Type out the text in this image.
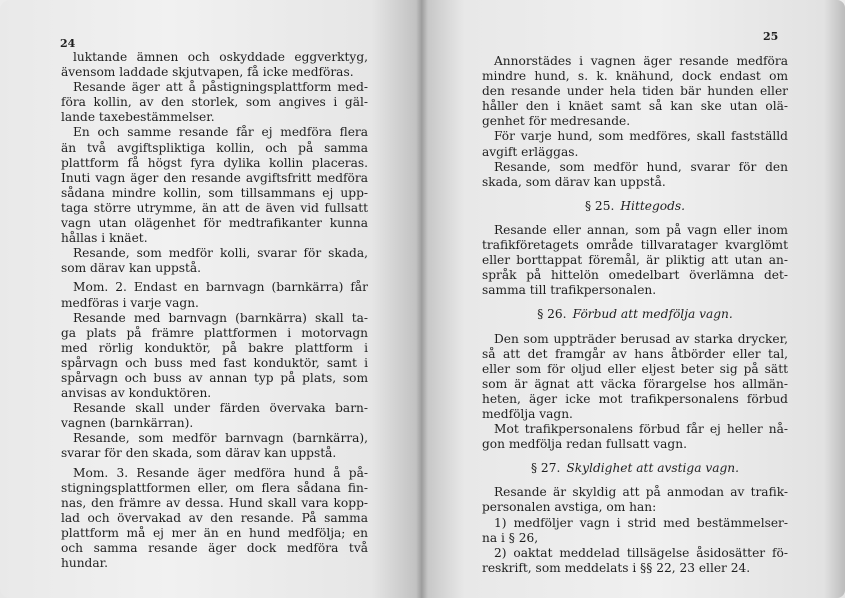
24
luktande ämnen och oskyddade eggverktyg,
ävensom laddade skjutvapen, få icke medföras.
Resande äger att å påstigningsplattform med-
föra kollin, av den storlek, som angives i gäl-
lande taxebestämmelser.
En och samme resande får ej medföra flera
än två avgiftspliktiga kollin, och på samma
plattform få högst fyra dylika kollin placeras.
Inuti vagn äger den resande avgiftsfritt medföra
sådana mindre kollin, som tillsammans ej upp-
taga större utrymme, än att de även vid fullsatt
vagn utan olägenhet för medtrafikanter kunna
hållas i knäet.
Resande, som medför kolli, svarar för skada,
som därav kan uppstå.
Mom. 2. Endast en barnvagn (barnkärra) får
medföras i varje vagn.
Resande med barnvagn (barnkärra) skall ta-
ga plats på främre plattformen i motorvagn
med rörlig konduktör, på bakre plattform i
spårvagn och buss med fast konduktör, samt i
spårvagn och buss av annan typ på plats, som
anvisas av konduktören.
Resande skall under färden övervaka barn-
vagnen (barnkärran).
Resande, som medför barnvagn (barnkärra),
svarar för den skada, som därav kan uppstå.
Mom. 3. Resande äger medföra hund å på-
stigningsplattformen eller, om flera sådana fin-
nas, den främre av dessa. Hund skall vara kopp-
lad och övervakad av den resande. På samma
plattform må ej mer än en hund medfölja; en
och samma resande äger dock medföra två
hundar.
25
Annorstädes i vagnen äger resande medföra
mindre hund, s. k. knähund, dock endast om
den resande under hela tiden bär hunden eller
håller den i knäet samt så kan ske utan olä-
genhet för medresande.
För varje hund, som medföres, skall fastställd
avgift erläggas.
Resande, som medför hund, svarar för den
skada, som därav kan uppstå.
§ 25.  Hittegods.
Resande eller annan, som på vagn eller inom
trafikföretagets område tillvaratager kvarglömt
eller borttappat föremål, är pliktig att utan an-
språk på hittelön omedelbart överlämna det-
samma till trafikpersonalen.
§ 26.  Förbud att medfölja vagn.
Den som uppträder berusad av starka drycker,
så att det framgår av hans åtbörder eller tal,
eller som för oljud eller eljest beter sig på sätt
som är ägnat att väcka förargelse hos allmän-
heten, äger icke mot trafikpersonalens förbud
medfölja vagn.
Mot trafikpersonalens förbud får ej heller nå-
gon medfölja redan fullsatt vagn.
§ 27.  Skyldighet att avstiga vagn.
Resande är skyldig att på anmodan av trafik-
personalen avstiga, om han:
1) medföljer vagn i strid med bestämmelser-
na i § 26,
2) oaktat meddelad tillsägelse åsidosätter fö-
reskrift, som meddelats i §§ 22, 23 eller 24.
